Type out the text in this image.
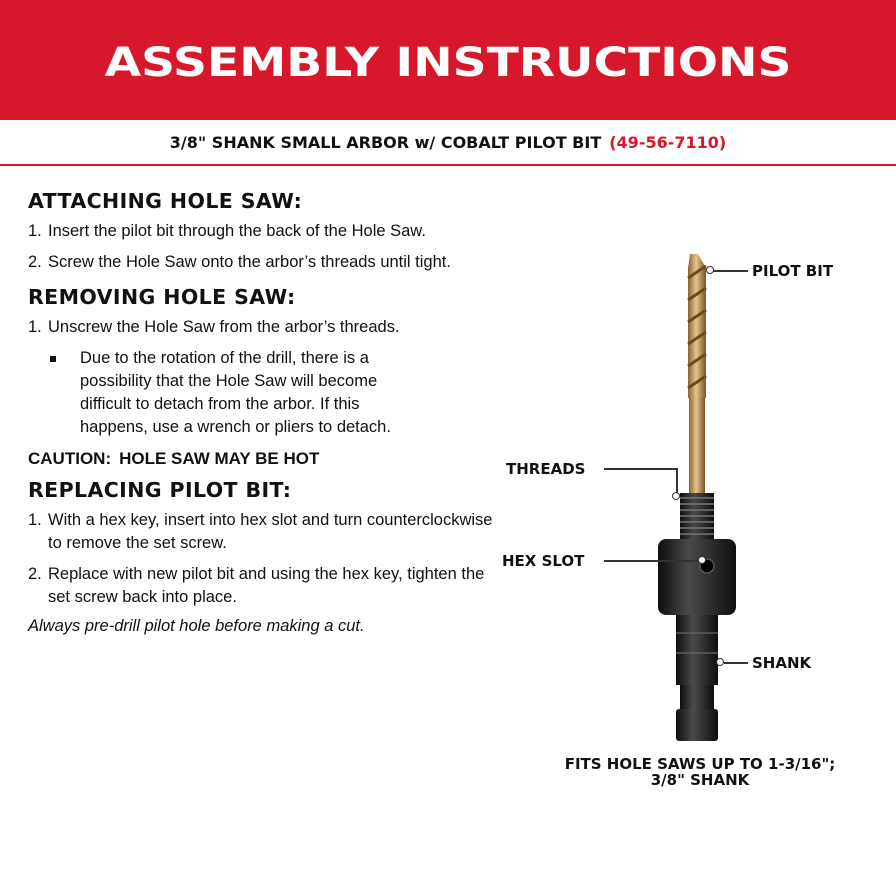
ASSEMBLY INSTRUCTIONS
3/8" SHANK SMALL ARBOR w/ COBALT PILOT BIT (49-56-7110)
ATTACHING HOLE SAW:
1. Insert the pilot bit through the back of the Hole Saw.
2. Screw the Hole Saw onto the arbor’s threads until tight.
REMOVING HOLE SAW:
1. Unscrew the Hole Saw from the arbor’s threads.
Due to the rotation of the drill, there is a possibility that the Hole Saw will become difficult to detach from the arbor. If this happens, use a wrench or pliers to detach.
CAUTION: HOLE SAW MAY BE HOT
REPLACING PILOT BIT:
1. With a hex key, insert into hex slot and turn counterclockwise to remove the set screw.
2. Replace with new pilot bit and using the hex key, tighten the set screw back into place.
Always pre-drill pilot hole before making a cut.
PILOT BIT
THREADS
HEX SLOT
SHANK
FITS HOLE SAWS UP TO 1-3/16";
3/8" SHANK
